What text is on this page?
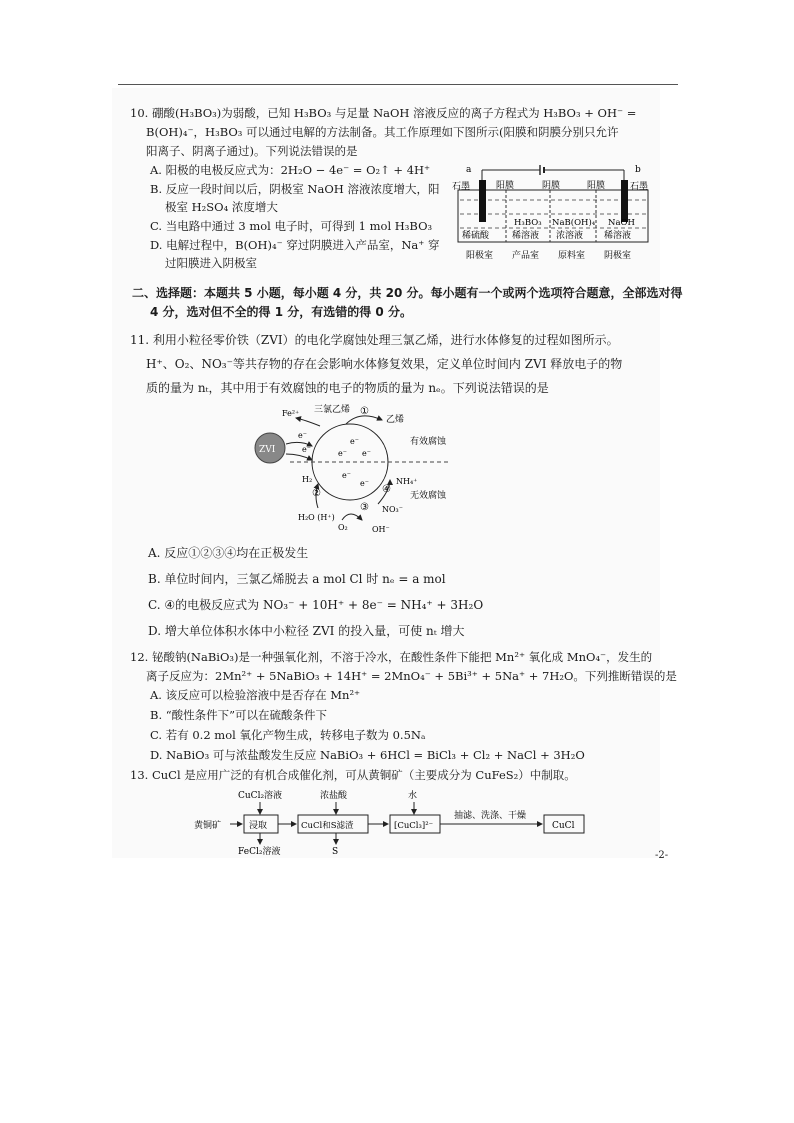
10. 硼酸(H₃BO₃)为弱酸，已知 H₃BO₃ 与足量 NaOH 溶液反应的离子方程式为 H₃BO₃ + OH⁻ =
B(OH)₄⁻，H₃BO₃ 可以通过电解的方法制备。其工作原理如下图所示(阳膜和阴膜分别只允许
阳离子、阴离子通过)。下列说法错误的是
A. 阳极的电极反应式为：2H₂O − 4e⁻ = O₂↑ + 4H⁺
B. 反应一段时间以后，阴极室 NaOH 溶液浓度增大，阳
极室 H₂SO₄ 浓度增大
C. 当电路中通过 3 mol 电子时，可得到 1 mol H₃BO₃
D. 电解过程中，B(OH)₄⁻ 穿过阴膜进入产品室，Na⁺ 穿
过阳膜进入阴极室
a	b
石墨	石墨
阳膜	阴膜	阳膜
稀硫酸
H₃BO₃
稀溶液
NaB(OH)₄
浓溶液
NaOH
稀溶液
阳极室 产品室 原料室 阴极室
二、选择题：本题共 5 小题，每小题 4 分，共 20 分。每小题有一个或两个选项符合题意，全部选对得
4 分，选对但不全的得 1 分，有选错的得 0 分。
11. 利用小粒径零价铁（ZVI）的电化学腐蚀处理三氯乙烯，进行水体修复的过程如图所示。
H⁺、O₂、NO₃⁻等共存物的存在会影响水体修复效果，定义单位时间内 ZVI 释放电子的物
质的量为 nₜ，其中用于有效腐蚀的电子的物质的量为 nₑ。下列说法错误的是
ZVI
e⁻
e⁻
Fe²⁺ 三氯乙烯 ①
乙烯
e⁻
e⁻ e⁻
e⁻
e⁻
有效腐蚀
无效腐蚀
H₂
②
H₂O (H⁺)
③
O₂	OH⁻
④
NH₄⁺
NO₃⁻
A. 反应①②③④均在正极发生
B. 单位时间内，三氯乙烯脱去 a mol Cl 时 nₑ = a mol
C. ④的电极反应式为 NO₃⁻ + 10H⁺ + 8e⁻ = NH₄⁺ + 3H₂O
D. 增大单位体积水体中小粒径 ZVI 的投入量，可使 nₜ 增大
12. 铋酸钠(NaBiO₃)是一种强氧化剂，不溶于冷水，在酸性条件下能把 Mn²⁺ 氧化成 MnO₄⁻，发生的
离子反应为：2Mn²⁺ + 5NaBiO₃ + 14H⁺ = 2MnO₄⁻ + 5Bi³⁺ + 5Na⁺ + 7H₂O。下列推断错误的是
A. 该反应可以检验溶液中是否存在 Mn²⁺
B. “酸性条件下”可以在硫酸条件下
C. 若有 0.2 mol 氧化产物生成，转移电子数为 0.5Nₐ
D. NaBiO₃ 可与浓盐酸发生反应 NaBiO₃ + 6HCl = BiCl₃ + Cl₂ + NaCl + 3H₂O
13. CuCl 是应用广泛的有机合成催化剂，可从黄铜矿（主要成分为 CuFeS₂）中制取。
CuCl₂溶液	浓盐酸	水
黄铜矿	浸取	CuCl和S滤渣	[CuCl₃]²⁻
抽滤、洗涤、干燥
CuCl
FeCl₂溶液	S	-2-
